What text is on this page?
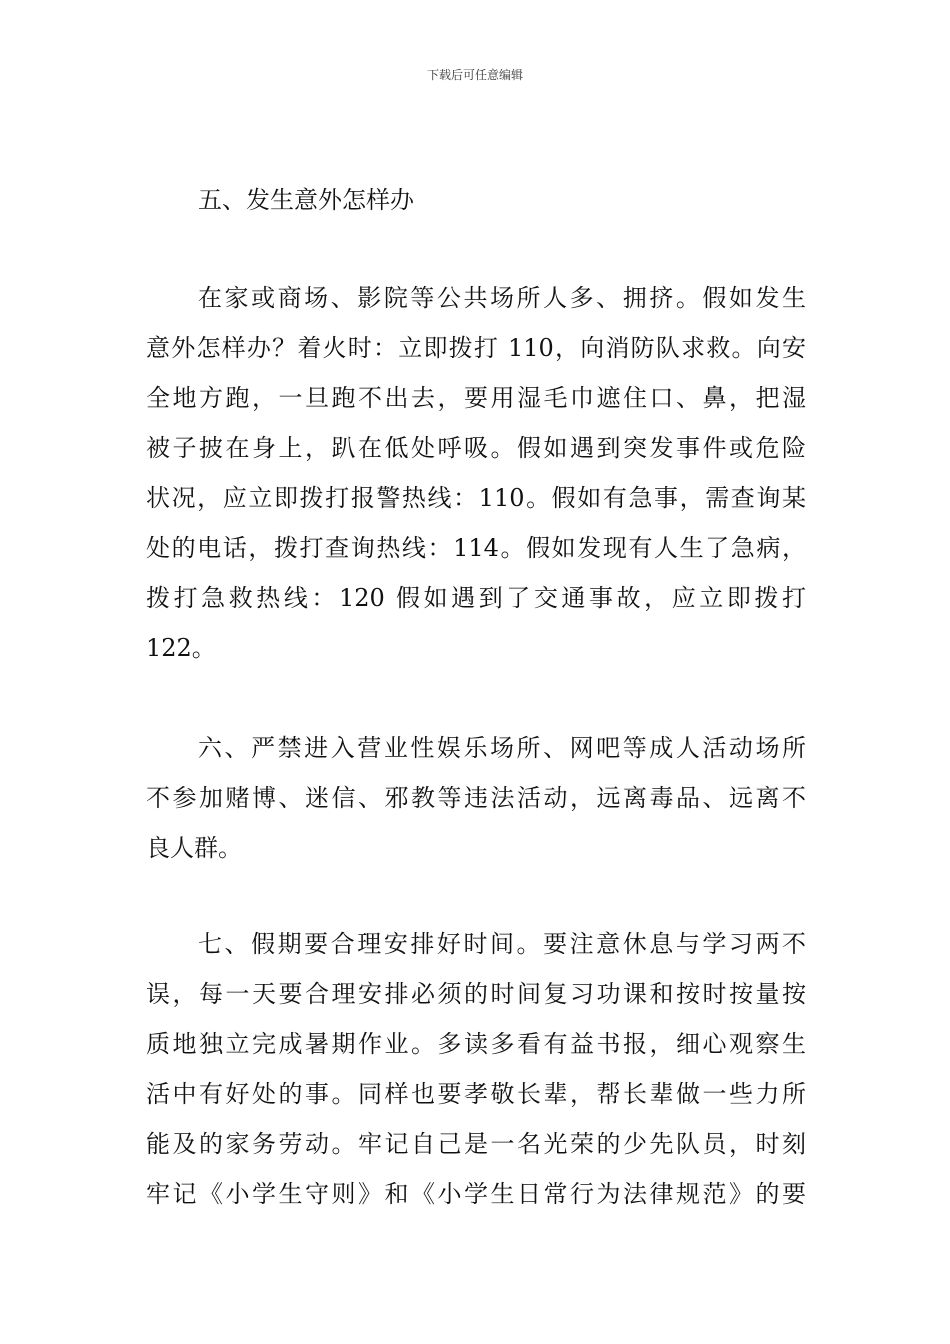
下载后可任意编辑
五、发生意外怎样办
在家或商场、影院等公共场所人多、拥挤。假如发生
意外怎样办？着火时：立即拨打 110，向消防队求救。向安
全地方跑，一旦跑不出去，要用湿毛巾遮住口、鼻，把湿
被子披在身上，趴在低处呼吸。假如遇到突发事件或危险
状况，应立即拨打报警热线：110。假如有急事，需查询某
处的电话，拨打查询热线：114。假如发现有人生了急病，
拨打急救热线：120 假如遇到了交通事故，应立即拨打
122。
六、严禁进入营业性娱乐场所、网吧等成人活动场所
不参加赌博、迷信、邪教等违法活动，远离毒品、远离不
良人群。
七、假期要合理安排好时间。要注意休息与学习两不
误，每一天要合理安排必须的时间复习功课和按时按量按
质地独立完成暑期作业。多读多看有益书报，细心观察生
活中有好处的事。同样也要孝敬长辈，帮长辈做一些力所
能及的家务劳动。牢记自己是一名光荣的少先队员，时刻
牢记《小学生守则》和《小学生日常行为法律规范》的要
